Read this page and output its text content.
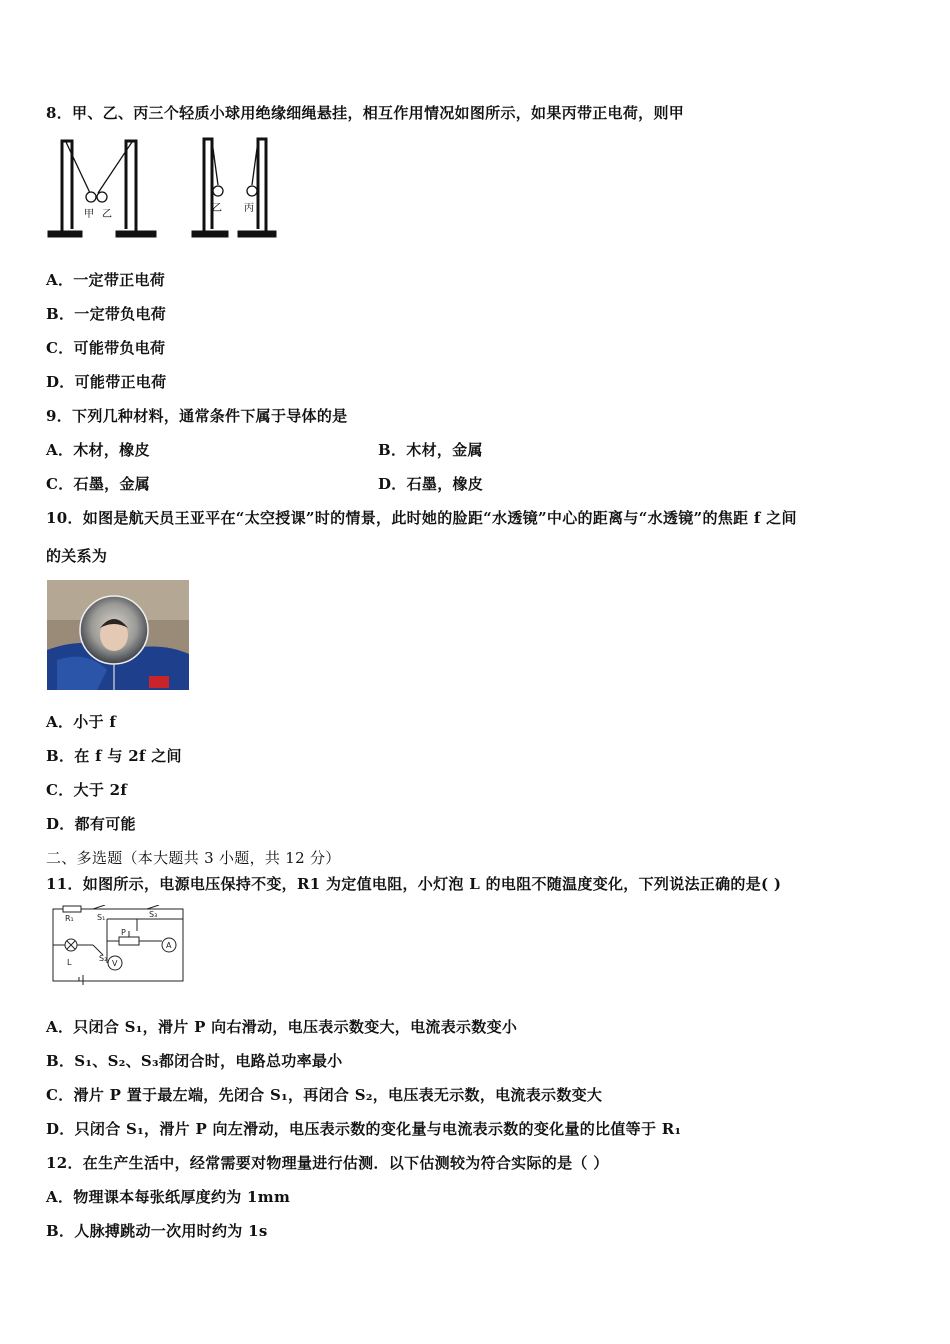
8．甲、乙、丙三个轻质小球用绝缘细绳悬挂，相互作用情况如图所示，如果丙带正电荷，则甲
甲 乙
乙 丙
A．一定带正电荷
B．一定带负电荷
C．可能带负电荷
D．可能带正电荷
9．下列几种材料，通常条件下属于导体的是
A．木材，橡皮	B．木材，金属
C．石墨，金属	D．石墨，橡皮
10．如图是航天员王亚平在“太空授课”时的情景，此时她的脸距“水透镜”中心的距离与“水透镜”的焦距 f 之间
的关系为
A．小于 f
B．在 f 与 2f 之间
C．大于 2f
D．都有可能
二、多选题（本大题共 3 小题，共 12 分）
11．如图所示，电源电压保持不变，R1 为定值电阻，小灯泡 L 的电阻不随温度变化，下列说法正确的是( )
R₁	S₁	S₃
P
A
S₂
V
L
A．只闭合 S₁，滑片 P 向右滑动，电压表示数变大，电流表示数变小
B．S₁、S₂、S₃都闭合时，电路总功率最小
C．滑片 P 置于最左端，先闭合 S₁，再闭合 S₂，电压表无示数，电流表示数变大
D．只闭合 S₁，滑片 P 向左滑动，电压表示数的变化量与电流表示数的变化量的比值等于 R₁
12．在生产生活中，经常需要对物理量进行估测．以下估测较为符合实际的是（ ）
A．物理课本每张纸厚度约为 1mm
B．人脉搏跳动一次用时约为 1s
